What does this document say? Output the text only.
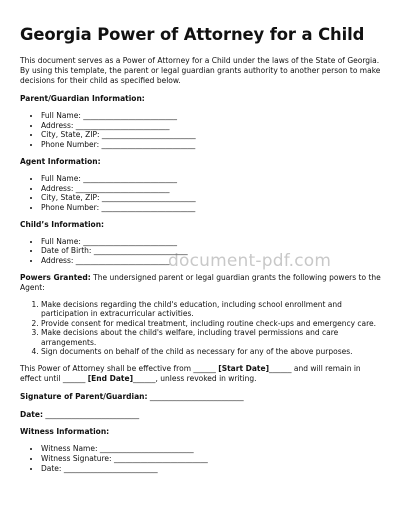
Georgia Power of Attorney for a Child

This document serves as a Power of Attorney for a Child under the laws of the State of Georgia. By using this template, the parent or legal guardian grants authority to another person to make decisions for their child as specified below.

Parent/Guardian Information:
• Full Name: _________________________
• Address: _________________________
• City, State, ZIP: _________________________
• Phone Number: _________________________
Agent Information:
• Full Name: _________________________
• Address: _________________________
• City, State, ZIP: _________________________
• Phone Number: _________________________
Child’s Information:
• Full Name: _________________________
• Date of Birth: _________________________
• Address: _________________________

Powers Granted: The undersigned parent or legal guardian grants the following powers to the Agent:

1. Make decisions regarding the child's education, including school enrollment and participation in extracurricular activities.
2. Provide consent for medical treatment, including routine check-ups and emergency care.
3. Make decisions about the child's welfare, including travel permissions and care arrangements.
4. Sign documents on behalf of the child as necessary for any of the above purposes.

This Power of Attorney shall be effective from ______ [Start Date]______ and will remain in effect until ______ [End Date]______, unless revoked in writing.

Signature of Parent/Guardian: _________________________

Date: _________________________

Witness Information:
• Witness Name: _________________________
• Witness Signature: _________________________
• Date: _________________________
document-pdf.com
